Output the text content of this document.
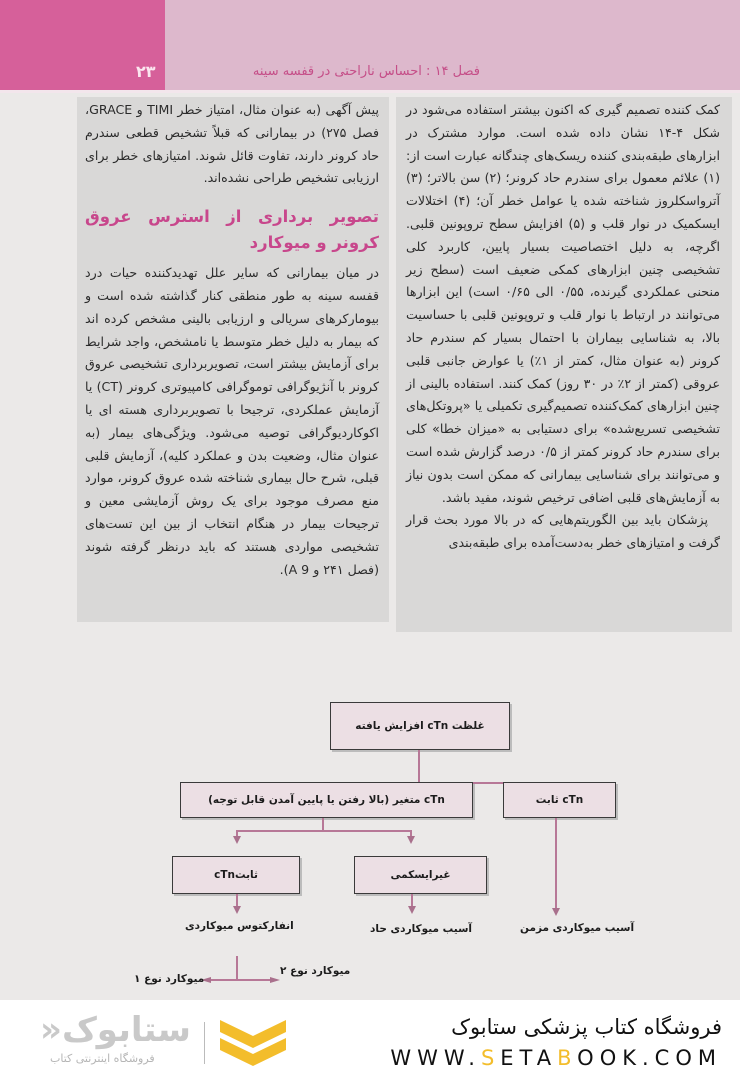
۲۳	فصل ۱۴ : احساس ناراحتی در قفسه سینه

کمک کننده تصمیم گیری که اکنون بیشتر استفاده می‌شود در شکل ۴-۱۴ نشان داده شده است. موارد مشترک در ابزارهای طبقه‌بندی کننده ریسک‌های چندگانه عبارت است از: (۱) علائم معمول برای سندرم حاد کرونر؛ (۲) سن بالاتر؛ (۳) آترواسکلروز شناخته شده یا عوامل خطر آن؛ (۴) اختلالات ایسکمیک در نوار قلب و (۵) افزایش سطح تروپونین قلبی. اگرچه، به دلیل اختصاصیت بسیار پایین، کاربرد کلی تشخیصی چنین ابزارهای کمکی ضعیف است (سطح زیر منحنی عملکردی گیرنده، ۰/۵۵ الی ۰/۶۵ است) این ابزارها می‌توانند در ارتباط با نوار قلب و تروپونین قلبی با حساسیت بالا، به شناسایی بیماران با احتمال بسیار کم سندرم حاد کرونر (به عنوان مثال، کمتر از ۱٪) یا عوارض جانبی قلبی عروقی (کمتر از ۲٪ در ۳۰ روز) کمک کنند. استفاده بالینی از چنین ابزارهای کمک‌کننده تصمیم‌گیری تکمیلی یا «پروتکل‌های تشخیصی تسریع‌شده» برای دستیابی به «میزان خطا» کلی برای سندرم حاد کرونر کمتر از ۰/۵ درصد گزارش شده است و می‌توانند برای شناسایی بیمارانی که ممکن است بدون نیاز به آزمایش‌های قلبی اضافی ترخیص شوند، مفید باشد.

پزشکان باید بین الگوریتم‌هایی که در بالا مورد بحث قرار گرفت و امتیازهای خطر به‌دست‌آمده برای طبقه‌بندی

پیش آگهی (به عنوان مثال، امتیاز خطر TIMI و GRACE، فصل ۲۷۵) در بیمارانی که قبلاً تشخیص قطعی سندرم حاد کرونر دارند، تفاوت قائل شوند. امتیازهای خطر برای ارزیابی تشخیص طراحی نشده‌اند.

تصویر برداری از استرس عروق کرونر و میوکارد

در میان بیمارانی که سایر علل تهدیدکننده حیات درد قفسه سینه به طور منطقی کنار گذاشته شده است و بیومارکرهای سریالی و ارزیابی بالینی مشخص کرده اند که بیمار به دلیل خطر متوسط یا نامشخص، واجد شرایط برای آزمایش بیشتر است، تصویربرداری تشخیصی عروق کرونر با آنژیوگرافی توموگرافی کامپیوتری کرونر (CT) یا آزمایش عملکردی، ترجیحا با تصویربرداری هسته ای یا اکوکاردیوگرافی توصیه می‌شود. ویژگی‌های بیمار (به عنوان مثال، وضعیت بدن و عملکرد کلیه)، آزمایش قلبی قبلی، شرح حال بیماری شناخته شده عروق کرونر، موارد منع مصرف موجود برای یک روش آزمایشی معین و ترجیحات بیمار در هنگام انتخاب از بین این تست‌های تشخیصی مواردی هستند که باید درنظر گرفته شوند (فصل ۲۴۱ و A 9).

غلظت cTn افزایش یافته
cTn متغیر (بالا رفتن یا پایین آمدن قابل توجه)	cTn ثابت
ثابتcTn	غیرایسکمی
انفارکتوس میوکاردی	آسیب میوکاردی حاد	آسیب میوکاردی مزمن
میوکارد نوع ۱
میوکارد نوع ۲
ستابوک«
فروشگاه اینترنتی کتاب
فروشگاه کتاب پزشکی ستابوک
WWW.SETABOOK.COM
